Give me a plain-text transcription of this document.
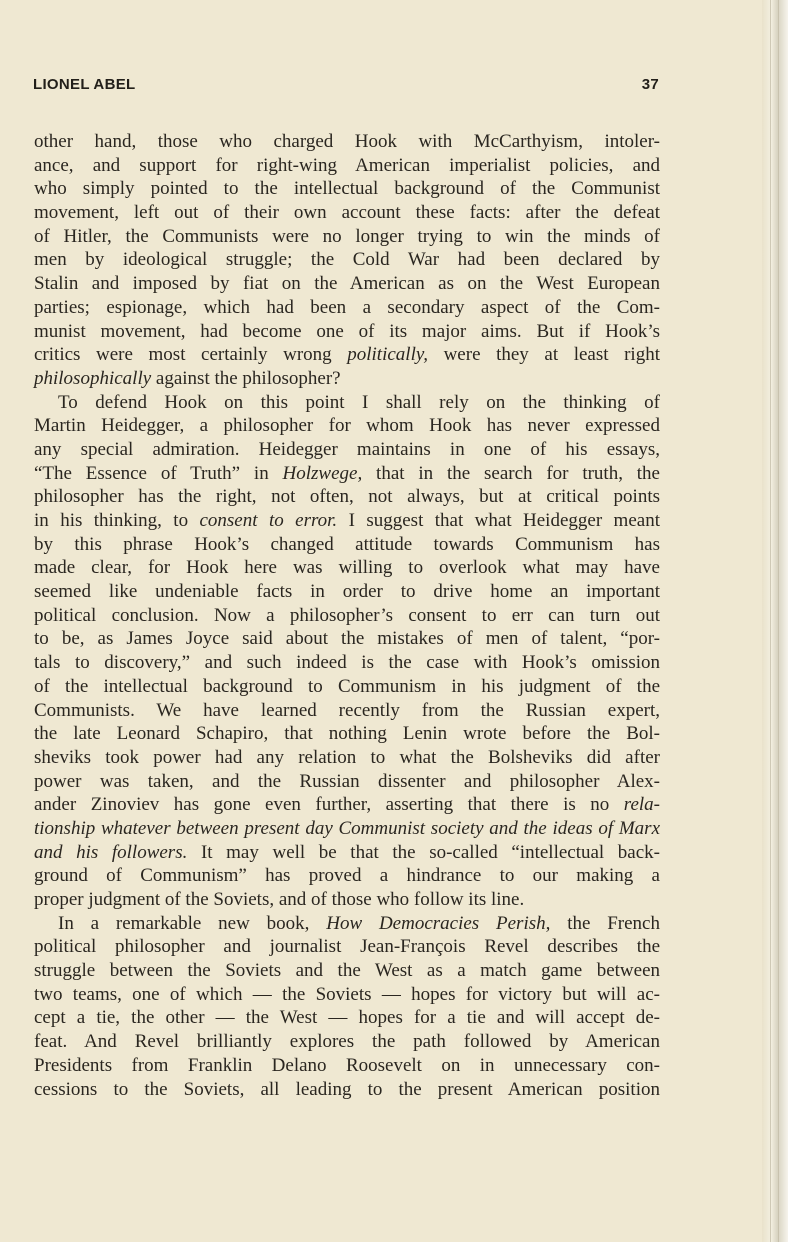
LIONEL ABEL	37
other hand, those who charged Hook with McCarthyism, intoler-
ance, and support for right-wing American imperialist policies, and
who simply pointed to the intellectual background of the Communist
movement, left out of their own account these facts: after the defeat
of Hitler, the Communists were no longer trying to win the minds of
men by ideological struggle; the Cold War had been declared by
Stalin and imposed by fiat on the American as on the West European
parties; espionage, which had been a secondary aspect of the Com-
munist movement, had become one of its major aims. But if Hook’s
critics were most certainly wrong politically, were they at least right
philosophically against the philosopher?
To defend Hook on this point I shall rely on the thinking of
Martin Heidegger, a philosopher for whom Hook has never expressed
any special admiration. Heidegger maintains in one of his essays,
“The Essence of Truth” in Holzwege, that in the search for truth, the
philosopher has the right, not often, not always, but at critical points
in his thinking, to consent to error. I suggest that what Heidegger meant
by this phrase Hook’s changed attitude towards Communism has
made clear, for Hook here was willing to overlook what may have
seemed like undeniable facts in order to drive home an important
political conclusion. Now a philosopher’s consent to err can turn out
to be, as James Joyce said about the mistakes of men of talent, “por-
tals to discovery,” and such indeed is the case with Hook’s omission
of the intellectual background to Communism in his judgment of the
Communists. We have learned recently from the Russian expert,
the late Leonard Schapiro, that nothing Lenin wrote before the Bol-
sheviks took power had any relation to what the Bolsheviks did after
power was taken, and the Russian dissenter and philosopher Alex-
ander Zinoviev has gone even further, asserting that there is no rela-
tionship whatever between present day Communist society and the ideas of Marx
and his followers. It may well be that the so-called “intellectual back-
ground of Communism” has proved a hindrance to our making a
proper judgment of the Soviets, and of those who follow its line.
In a remarkable new book, How Democracies Perish, the French
political philosopher and journalist Jean-François Revel describes the
struggle between the Soviets and the West as a match game between
two teams, one of which — the Soviets — hopes for victory but will ac-
cept a tie, the other — the West — hopes for a tie and will accept de-
feat. And Revel brilliantly explores the path followed by American
Presidents from Franklin Delano Roosevelt on in unnecessary con-
cessions to the Soviets, all leading to the present American position
